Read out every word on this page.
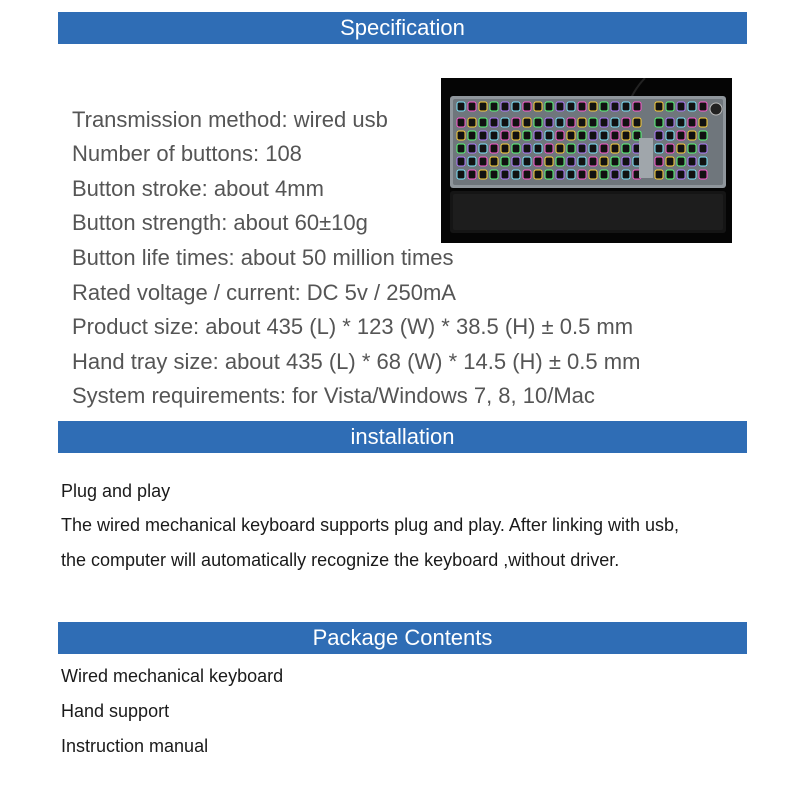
Specification
Transmission method: wired usb
Number of buttons: 108
Button stroke: about 4mm
Button strength: about 60±10g
Button life times: about 50 million times
Rated voltage / current: DC 5v / 250mA
Product size: about 435 (L) * 123 (W) * 38.5 (H) ± 0.5 mm
Hand tray size: about 435 (L) * 68 (W) * 14.5 (H) ± 0.5 mm
System requirements: for Vista/Windows 7, 8, 10/Mac
installation
Plug and play
The wired mechanical keyboard supports plug and play. After linking with usb,
the computer will automatically recognize the keyboard ,without driver.
Package Contents
Wired mechanical keyboard
Hand support
Instruction manual
